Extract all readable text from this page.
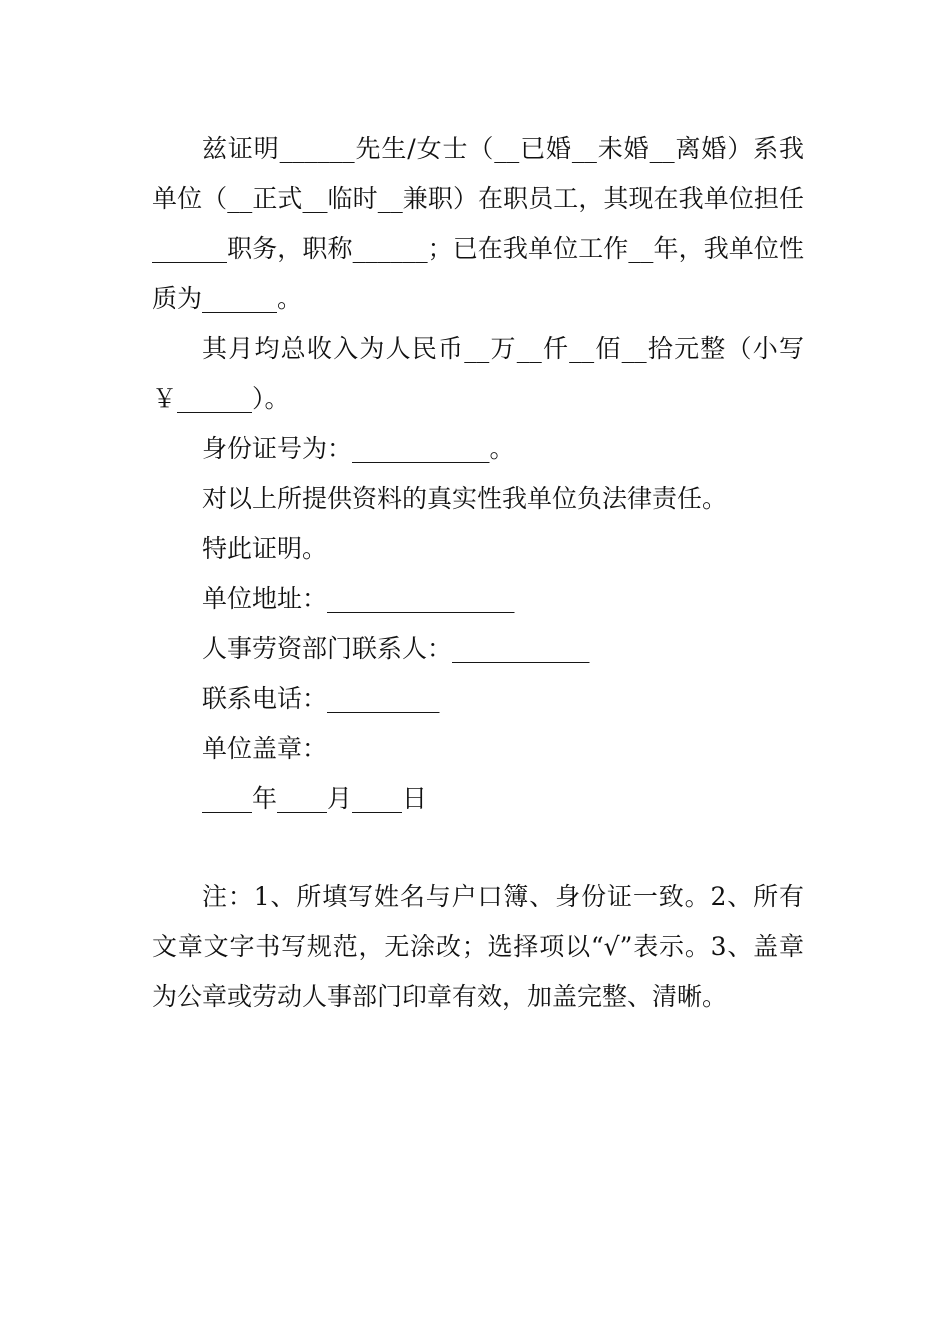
兹证明______先生/女士（__已婚__未婚__离婚）系我单位（__正式__临时__兼职）在职员工，其现在我单位担任______职务，职称______；已在我单位工作__年，我单位性质为______。

其月均总收入为人民币__万__仟__佰__拾元整（小写￥______）。

身份证号为：___________。

对以上所提供资料的真实性我单位负法律责任。

特此证明。

单位地址：_______________

人事劳资部门联系人：___________

联系电话：_________

单位盖章：

____年____月____日

注：1、所填写姓名与户口簿、身份证一致。2、所有文章文字书写规范，无涂改；选择项以“√”表示。3、盖章为公章或劳动人事部门印章有效，加盖完整、清晰。
